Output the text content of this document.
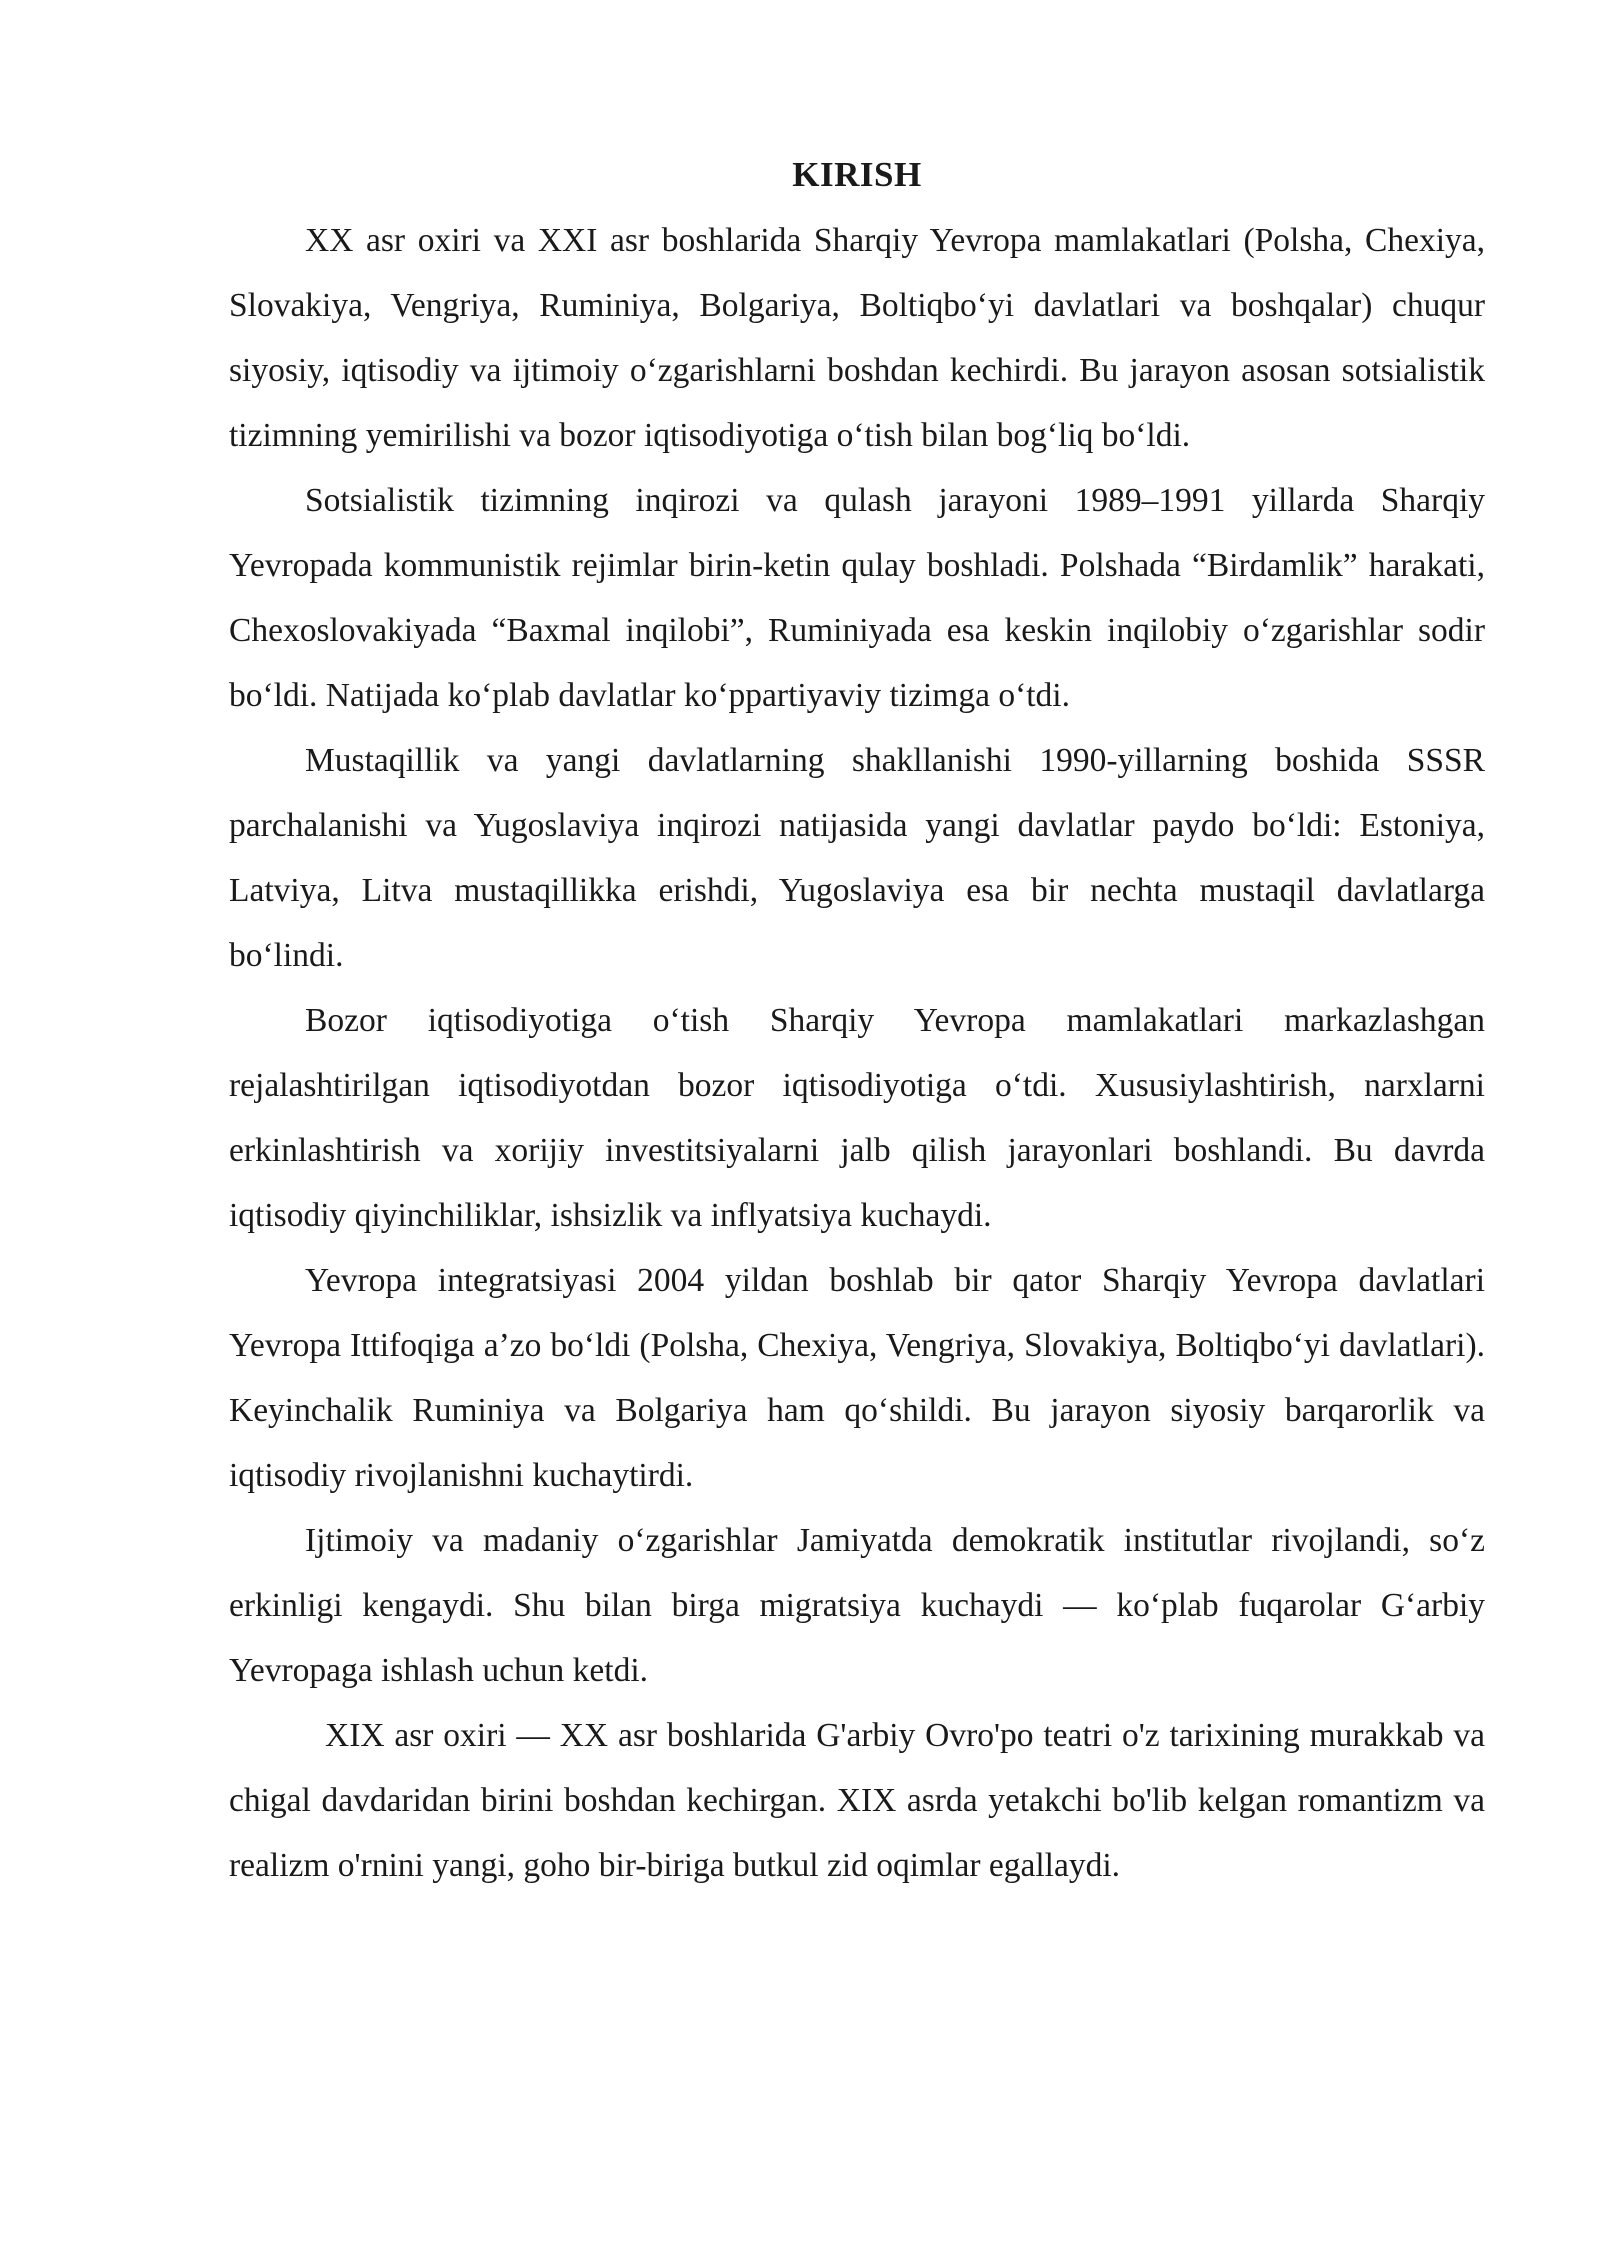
KIRISH

XX asr oxiri va XXI asr boshlarida Sharqiy Yevropa mamlakatlari (Polsha, Chexiya, Slovakiya, Vengriya, Ruminiya, Bolgariya, Boltiqbo‘yi davlatlari va boshqalar) chuqur siyosiy, iqtisodiy va ijtimoiy o‘zgarishlarni boshdan kechirdi. Bu jarayon asosan sotsialistik tizimning yemirilishi va bozor iqtisodiyotiga o‘tish bilan bog‘liq bo‘ldi.

Sotsialistik tizimning inqirozi va qulash jarayoni 1989–1991 yillarda Sharqiy Yevropada kommunistik rejimlar birin-ketin qulay boshladi. Polshada “Birdamlik” harakati, Chexoslovakiyada “Baxmal inqilobi”, Ruminiyada esa keskin inqilobiy o‘zgarishlar sodir bo‘ldi. Natijada ko‘plab davlatlar ko‘ppartiyaviy tizimga o‘tdi.

Mustaqillik va yangi davlatlarning shakllanishi 1990-yillarning boshida SSSR parchalanishi va Yugoslaviya inqirozi natijasida yangi davlatlar paydo bo‘ldi: Estoniya, Latviya, Litva mustaqillikka erishdi, Yugoslaviya esa bir nechta mustaqil davlatlarga bo‘lindi.

Bozor iqtisodiyotiga o‘tish Sharqiy Yevropa mamlakatlari markazlashgan rejalashtirilgan iqtisodiyotdan bozor iqtisodiyotiga o‘tdi. Xususiylashtirish, narxlarni erkinlashtirish va xorijiy investitsiyalarni jalb qilish jarayonlari boshlandi. Bu davrda iqtisodiy qiyinchiliklar, ishsizlik va inflyatsiya kuchaydi.

Yevropa integratsiyasi 2004 yildan boshlab bir qator Sharqiy Yevropa davlatlari Yevropa Ittifoqiga a’zo bo‘ldi (Polsha, Chexiya, Vengriya, Slovakiya, Boltiqbo‘yi davlatlari). Keyinchalik Ruminiya va Bolgariya ham qo‘shildi. Bu jarayon siyosiy barqarorlik va iqtisodiy rivojlanishni kuchaytirdi.

Ijtimoiy va madaniy o‘zgarishlar Jamiyatda demokratik institutlar rivojlandi, so‘z erkinligi kengaydi. Shu bilan birga migratsiya kuchaydi — ko‘plab fuqarolar G‘arbiy Yevropaga ishlash uchun ketdi.

XIX asr oxiri — XX asr boshlarida G'arbiy Ovro'po teatri o'z tarixining murakkab va chigal davdaridan birini boshdan kechirgan. XIX asrda yetakchi bo'lib kelgan romantizm va realizm o'rnini yangi, goho bir-biriga butkul zid oqimlar egallaydi.
